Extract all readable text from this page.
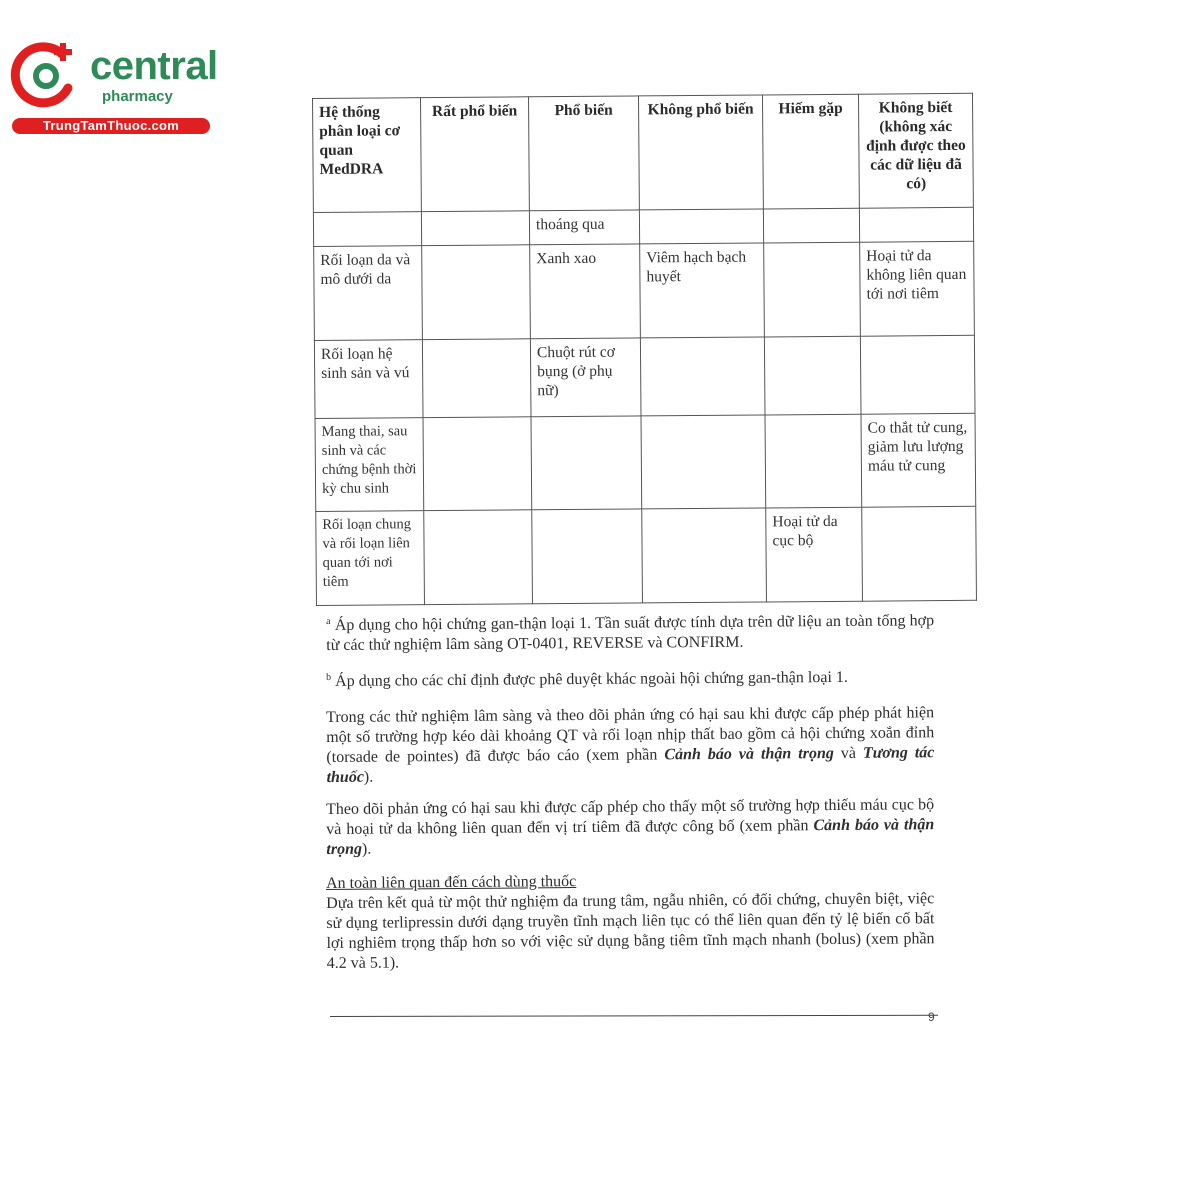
central
pharmacy
TrungTamThuoc.com
Hệ thống phân loại cơ quan MedDRA	Rất phổ biến	Phổ biến	Không phổ biến	Hiếm gặp	Không biết (không xác định được theo các dữ liệu đã có)
		thoáng qua			
Rối loạn da và mô dưới da		Xanh xao	Viêm hạch bạch huyết		Hoại tử da không liên quan tới nơi tiêm
Rối loạn hệ sinh sản và vú		Chuột rút cơ bụng (ở phụ nữ)			
Mang thai, sau sinh và các chứng bệnh thời kỳ chu sinh					Co thắt tử cung, giảm lưu lượng máu tử cung
Rối loạn chung và rối loạn liên quan tới nơi tiêm				Hoại tử da cục bộ	
$^a$ Áp dụng cho hội chứng gan-thận loại 1. Tần suất được tính dựa trên dữ liệu an toàn tổng hợp từ các thử nghiệm lâm sàng OT-0401, REVERSE và CONFIRM.
$^b$ Áp dụng cho các chỉ định được phê duyệt khác ngoài hội chứng gan-thận loại 1.
Trong các thử nghiệm lâm sàng và theo dõi phản ứng có hại sau khi được cấp phép phát hiện một số trường hợp kéo dài khoảng QT và rối loạn nhịp thất bao gồm cả hội chứng xoắn đỉnh (torsade de pointes) đã được báo cáo (xem phần Cảnh báo và thận trọng và Tương tác thuốc).
Theo dõi phản ứng có hại sau khi được cấp phép cho thấy một số trường hợp thiếu máu cục bộ và hoại tử da không liên quan đến vị trí tiêm đã được công bố (xem phần Cảnh báo và thận trọng).
An toàn liên quan đến cách dùng thuốc
Dựa trên kết quả từ một thử nghiệm đa trung tâm, ngẫu nhiên, có đối chứng, chuyên biệt, việc sử dụng terlipressin dưới dạng truyền tĩnh mạch liên tục có thể liên quan đến tỷ lệ biến cố bất lợi nghiêm trọng thấp hơn so với việc sử dụng bằng tiêm tĩnh mạch nhanh (bolus) (xem phần 4.2 và 5.1).
9
